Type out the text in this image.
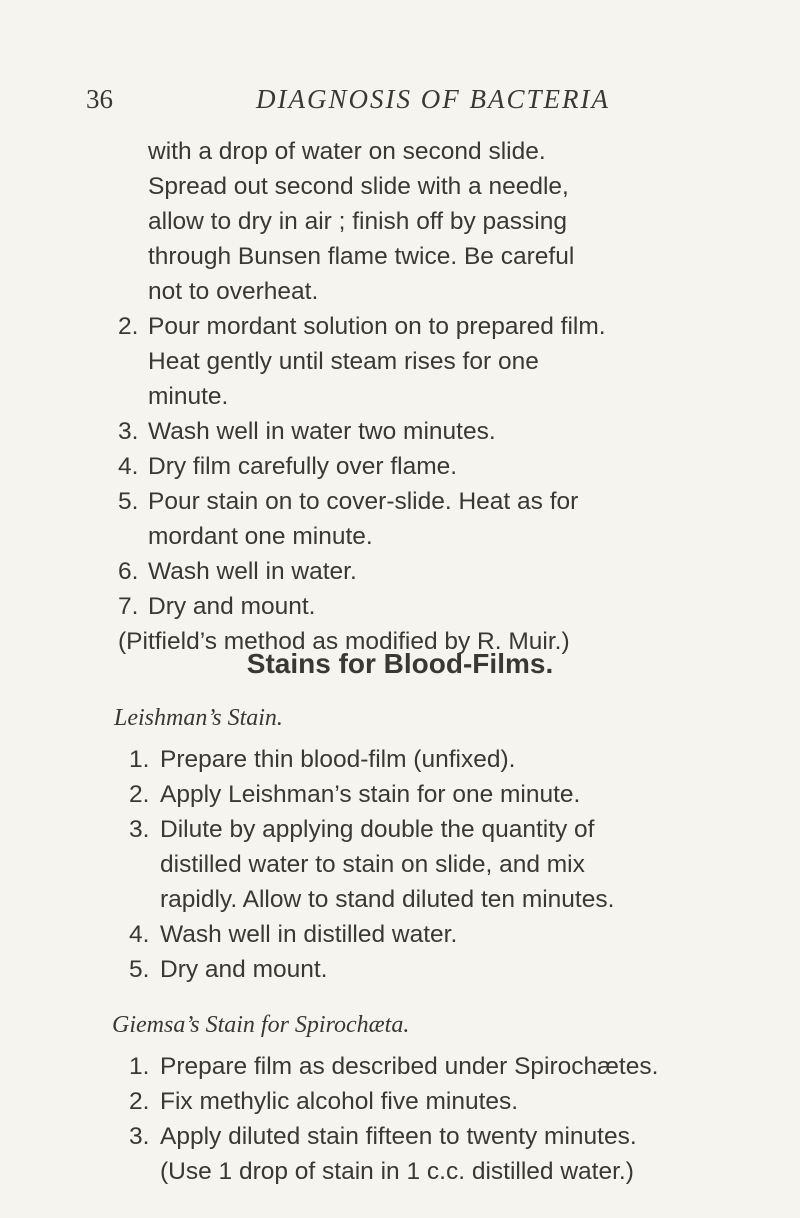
36	DIAGNOSIS OF BACTERIA
with a drop of water on second slide.
Spread out second slide with a needle,
allow to dry in air ; finish off by passing
through Bunsen flame twice. Be careful
not to overheat.
2. Pour mordant solution on to prepared film.
Heat gently until steam rises for one
minute.
3. Wash well in water two minutes.
4. Dry film carefully over flame.
5. Pour stain on to cover-slide. Heat as for
mordant one minute.
6. Wash well in water.
7. Dry and mount.
(Pitfield’s method as modified by R. Muir.)
Stains for Blood-Films.
Leishman’s Stain.
1. Prepare thin blood-film (unfixed).
2. Apply Leishman’s stain for one minute.
3. Dilute by applying double the quantity of
distilled water to stain on slide, and mix
rapidly. Allow to stand diluted ten minutes.
4. Wash well in distilled water.
5. Dry and mount.
Giemsa’s Stain for Spirochæta.
1. Prepare film as described under Spirochætes.
2. Fix methylic alcohol five minutes.
3. Apply diluted stain fifteen to twenty minutes.
(Use 1 drop of stain in 1 c.c. distilled water.)
